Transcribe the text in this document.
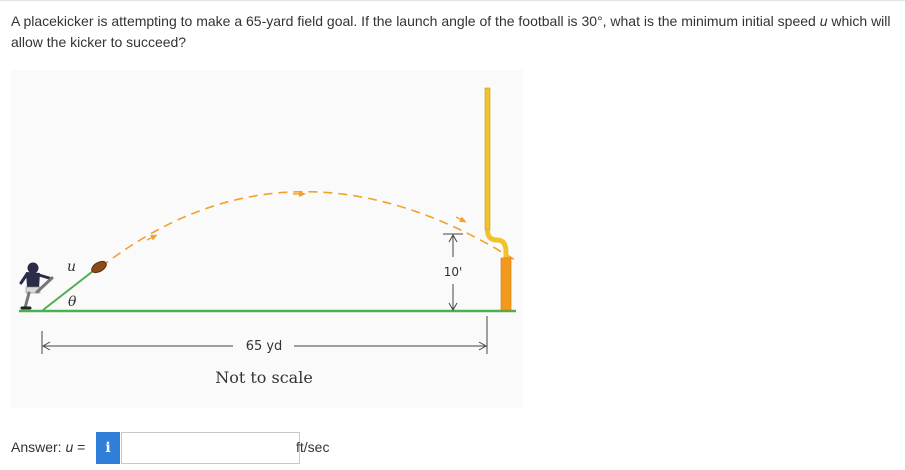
A placekicker is attempting to make a 65-yard field goal. If the launch angle of the football is 30°, what is the minimum initial speed u which will allow the kicker to succeed?
u
θ
10'
65 yd
Not to scale
Answer: u = i	ft/sec
